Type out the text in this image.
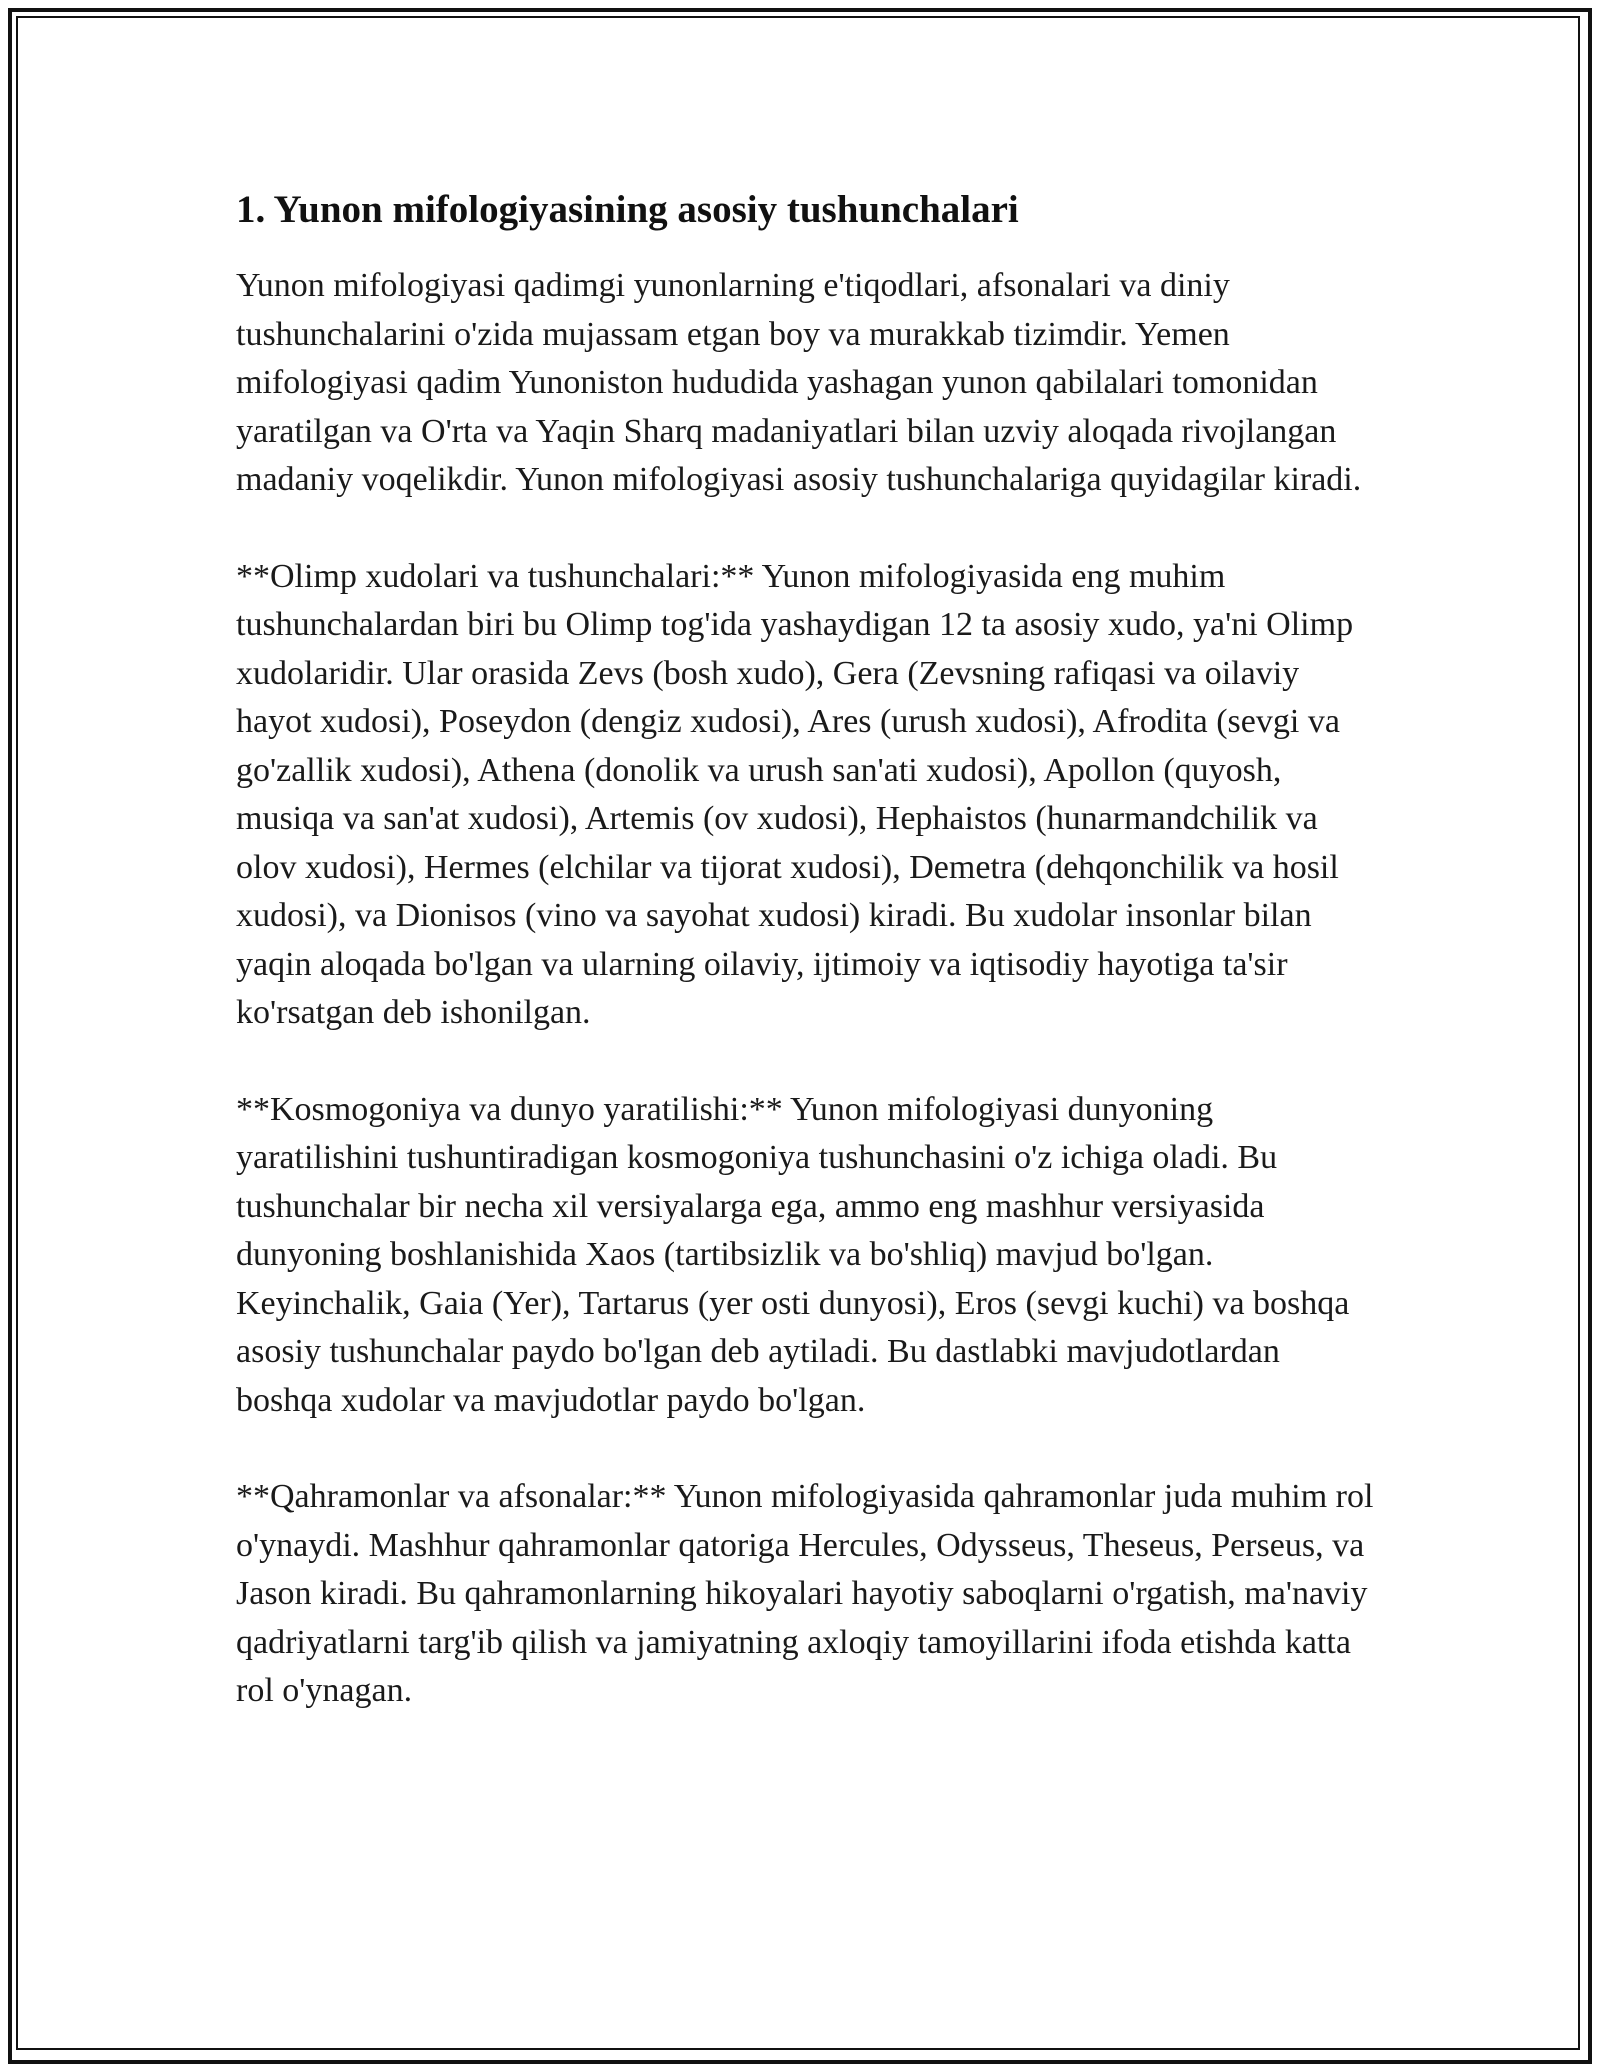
1. Yunon mifologiyasining asosiy tushunchalari

Yunon mifologiyasi qadimgi yunonlarning e'tiqodlari, afsonalari va diniy tushunchalarini o'zida mujassam etgan boy va murakkab tizimdir. Yemen mifologiyasi qadim Yunoniston hududida yashagan yunon qabilalari tomonidan yaratilgan va O'rta va Yaqin Sharq madaniyatlari bilan uzviy aloqada rivojlangan madaniy voqelikdir. Yunon mifologiyasi asosiy tushunchalariga quyidagilar kiradi.

**Olimp xudolari va tushunchalari:** Yunon mifologiyasida eng muhim tushunchalardan biri bu Olimp tog'ida yashaydigan 12 ta asosiy xudo, ya'ni Olimp xudolaridir. Ular orasida Zevs (bosh xudo), Gera (Zevsning rafiqasi va oilaviy hayot xudosi), Poseydon (dengiz xudosi), Ares (urush xudosi), Afrodita (sevgi va go'zallik xudosi), Athena (donolik va urush san'ati xudosi), Apollon (quyosh, musiqa va san'at xudosi), Artemis (ov xudosi), Hephaistos (hunarmandchilik va olov xudosi), Hermes (elchilar va tijorat xudosi), Demetra (dehqonchilik va hosil xudosi), va Dionisos (vino va sayohat xudosi) kiradi. Bu xudolar insonlar bilan yaqin aloqada bo'lgan va ularning oilaviy, ijtimoiy va iqtisodiy hayotiga ta'sir ko'rsatgan deb ishonilgan.

**Kosmogoniya va dunyo yaratilishi:** Yunon mifologiyasi dunyoning yaratilishini tushuntiradigan kosmogoniya tushunchasini o'z ichiga oladi. Bu tushunchalar bir necha xil versiyalarga ega, ammo eng mashhur versiyasida dunyoning boshlanishida Xaos (tartibsizlik va bo'shliq) mavjud bo'lgan. Keyinchalik, Gaia (Yer), Tartarus (yer osti dunyosi), Eros (sevgi kuchi) va boshqa asosiy tushunchalar paydo bo'lgan deb aytiladi. Bu dastlabki mavjudotlardan boshqa xudolar va mavjudotlar paydo bo'lgan.

**Qahramonlar va afsonalar:** Yunon mifologiyasida qahramonlar juda muhim rol o'ynaydi. Mashhur qahramonlar qatoriga Hercules, Odysseus, Theseus, Perseus, va Jason kiradi. Bu qahramonlarning hikoyalari hayotiy saboqlarni o'rgatish, ma'naviy qadriyatlarni targ'ib qilish va jamiyatning axloqiy tamoyillarini ifoda etishda katta rol o'ynagan.
